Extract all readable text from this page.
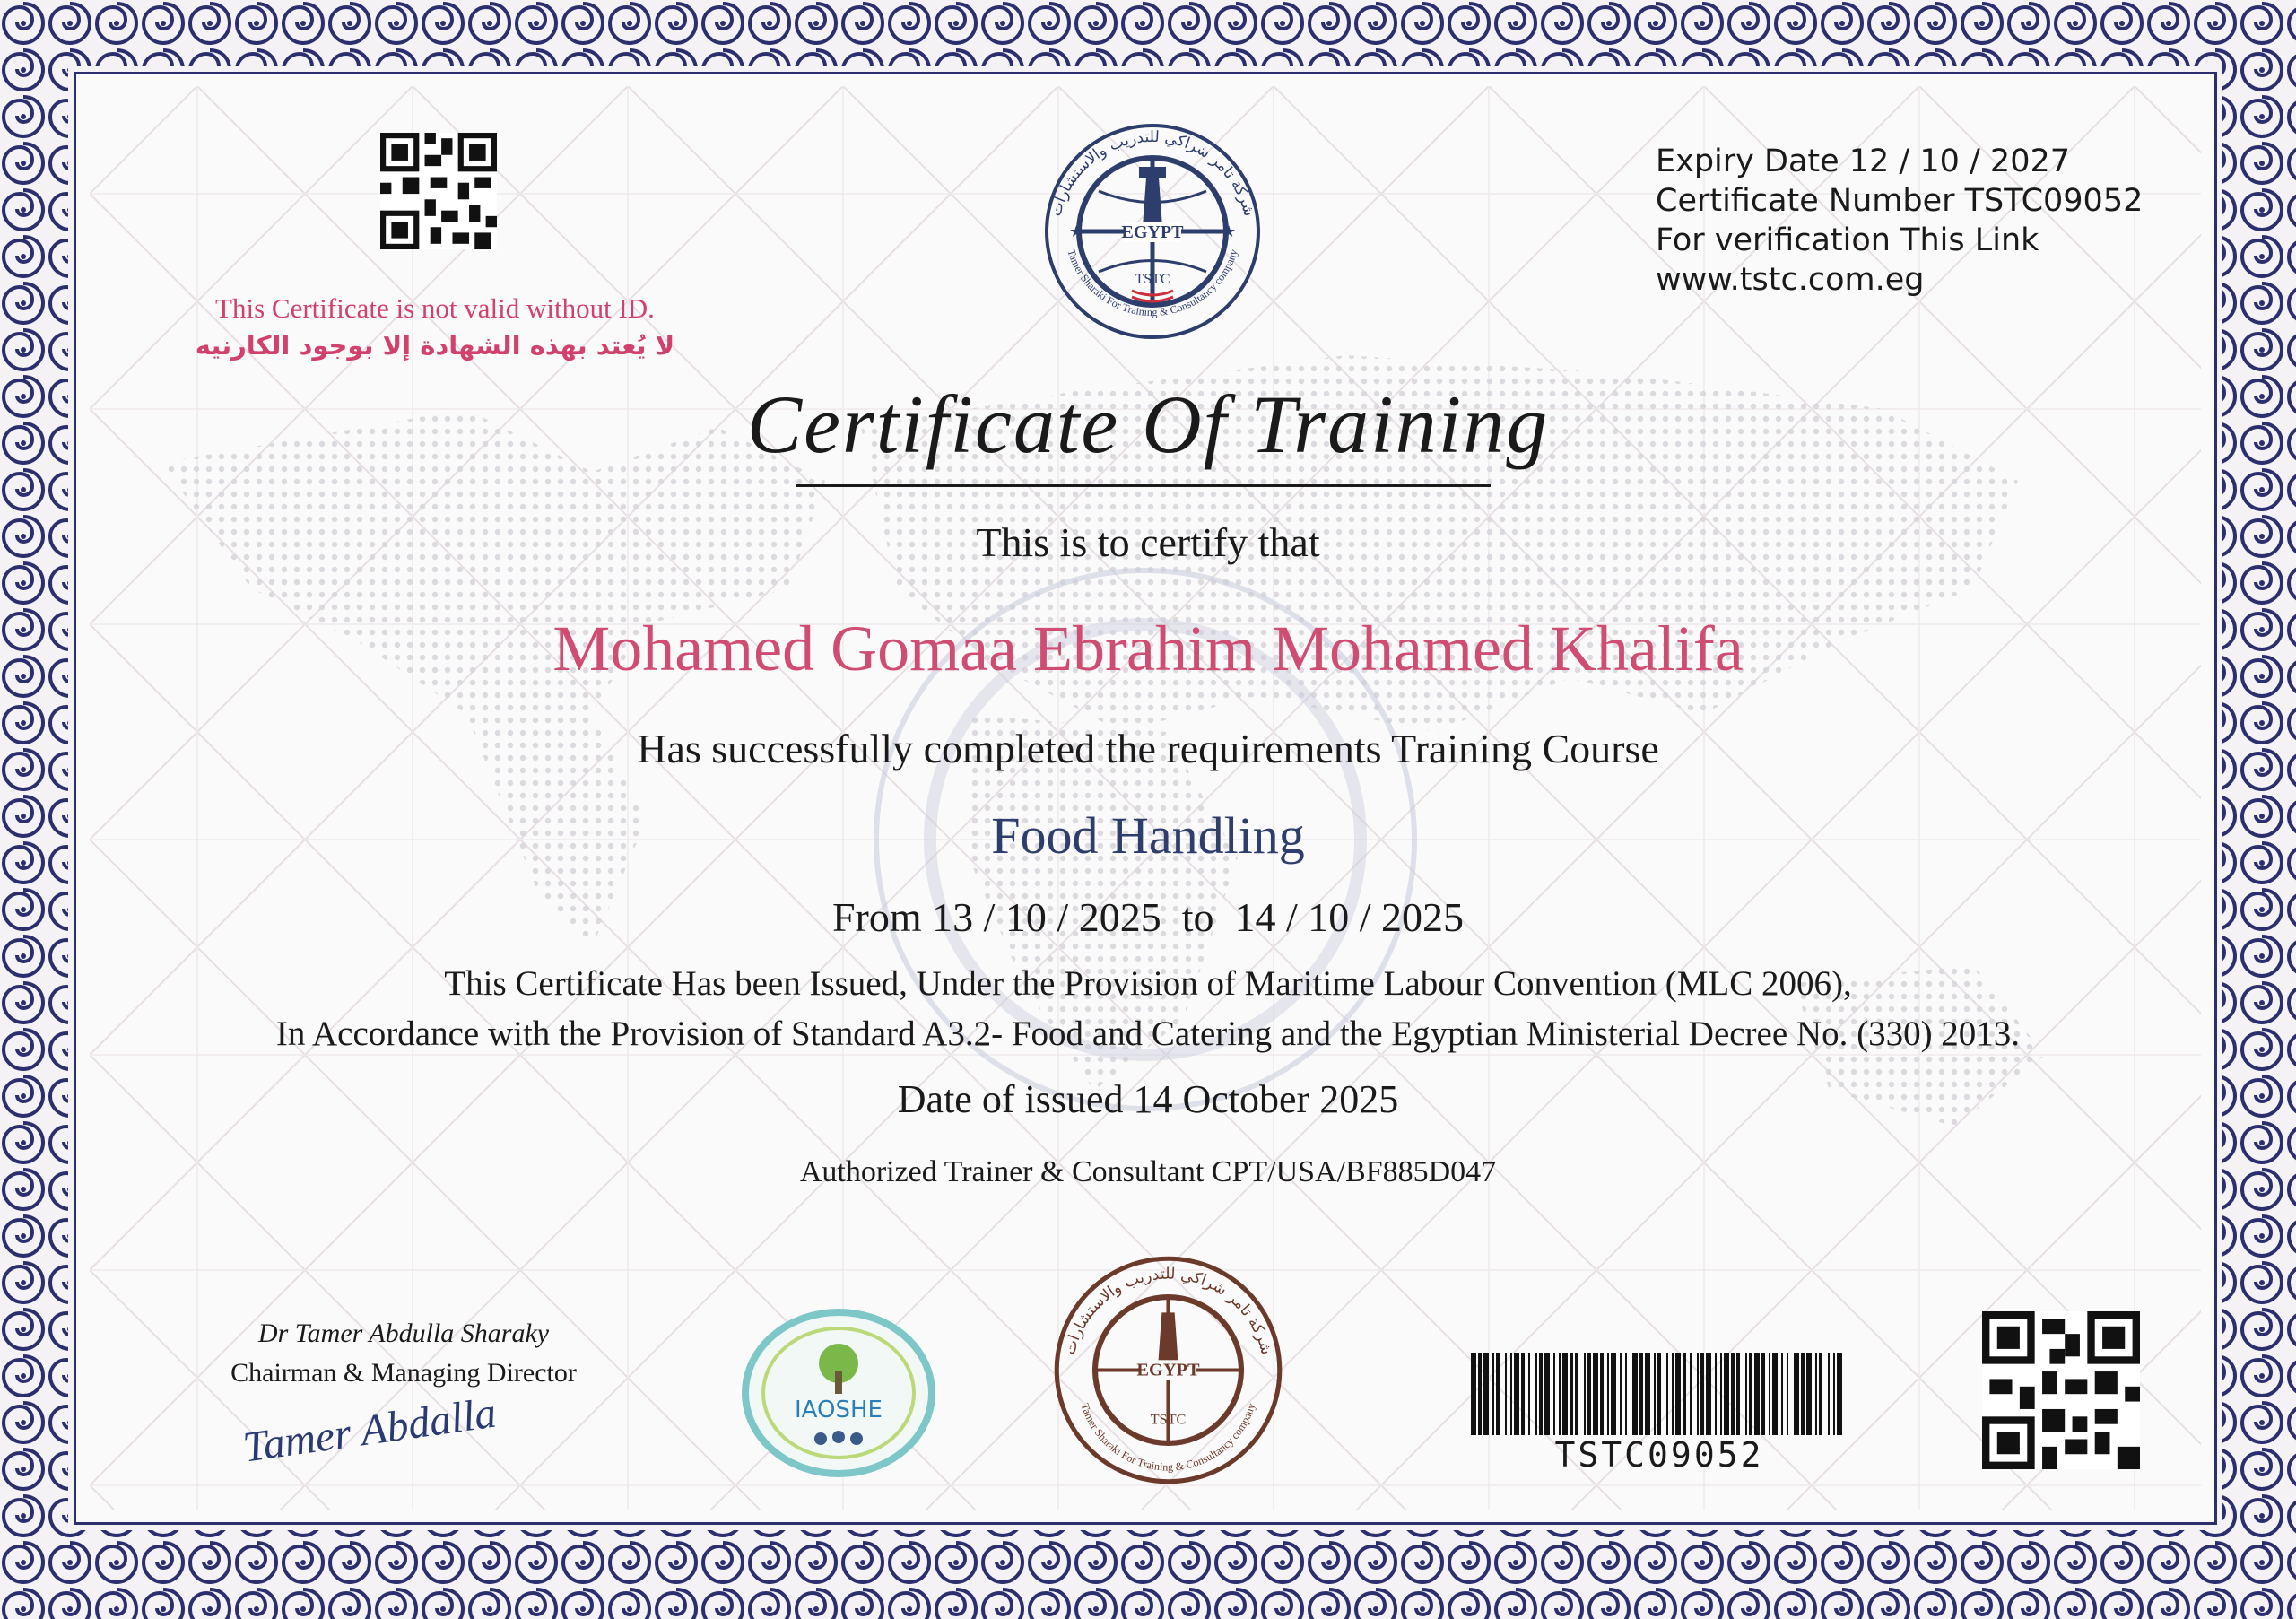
This Certificate is not valid without ID.
لا يُعتد بهذه الشهادة إلا بوجود الكارنيه
EGYPT
TSTC
شركة تامر شراكي للتدريب والاستشارات
Tamer Sharaki For Training & Consultancy company
★	★
Expiry Date 12 / 10 / 2027
Certificate Number TSTC09052
For verification This Link
www.tstc.com.eg
Certificate Of Training
This is to certify that
Mohamed Gomaa Ebrahim Mohamed Khalifa
Has successfully completed the requirements Training Course
Food Handling
From 13 / 10 / 2025  to  14 / 10 / 2025
This Certificate Has been Issued, Under the Provision of Maritime Labour Convention (MLC 2006),
In Accordance with the Provision of Standard A3.2- Food and Catering and the Egyptian Ministerial Decree No. (330) 2013.
Date of issued 14 October 2025
Authorized Trainer & Consultant CPT/USA/BF885D047
Dr Tamer Abdulla Sharaky
Chairman & Managing Director
Tamer Abdalla	IAOSHE
EGYPT
TSTC
شركة تامر شراكي للتدريب والاستشارات
Tamer Sharaki For Training & Consultancy company
TSTC09052
